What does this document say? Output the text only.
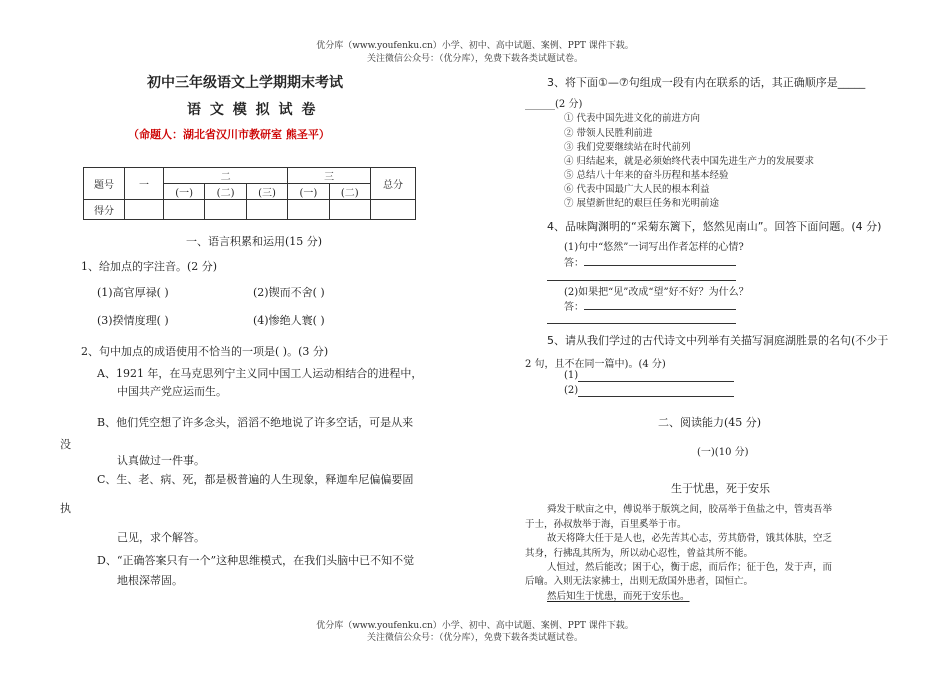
优分库（www.youfenku.cn）小学、初中、高中试题、案例、PPT 课件下载。
关注微信公众号：（优分库），免费下载各类试题试卷。
初中三年级语文上学期期末考试
语 文 模 拟 试 卷
（命题人：湖北省汉川市教研室 熊圣平）
题号	一	二			三		总分
		(一)	(二)	(三)	(一)	(二)	
得分							
一、语言积累和运用(15 分)
1、给加点的字注音。(2 分)
(1)高官厚禄( )	(2)锲而不舍( )
(3)揆情度理( )	(4)惨绝人寰( )
2、句中加点的成语使用不恰当的一项是( )。(3 分)
A、1921 年，在马克思列宁主义同中国工人运动相结合的进程中，
中国共产党应运而生。
B、他们凭空想了许多念头，滔滔不绝地说了许多空话，可是从来
没
认真做过一件事。
C、生、老、病、死，都是极普遍的人生现象，释迦牟尼偏偏要固
执
己见，求个解答。
D、“正确答案只有一个”这种思维模式，在我们头脑中已不知不觉
地根深蒂固。
3、将下面①—⑦句组成一段有内在联系的话，其正确顺序是_____
______(2 分)
① 代表中国先进文化的前进方向
② 带领人民胜利前进
③ 我们党要继续站在时代前列
④ 归结起来，就是必须始终代表中国先进生产力的发展要求
⑤ 总结八十年来的奋斗历程和基本经验
⑥ 代表中国最广大人民的根本利益
⑦ 展望新世纪的艰巨任务和光明前途
4、品味陶渊明的“采菊东篱下，悠然见南山”。回答下面问题。(4 分)
(1)句中“悠然”一词写出作者怎样的心情?
答：
(2)如果把“见”改成“望”好不好？为什么？
答：
5、请从我们学过的古代诗文中列举有关描写洞庭湖胜景的名句(不少于
2 句，且不在同一篇中)。(4 分)
(1)
(2)
二、阅读能力(45 分)
(一)(10 分)
生于忧患，死于安乐
舜发于畎亩之中，傅说举于版筑之间，胶鬲举于鱼盐之中，管夷吾举
于士，孙叔敖举于海，百里奚举于市。
故天将降大任于是人也，必先苦其心志，劳其筋骨，饿其体肤，空乏
其身，行拂乱其所为，所以动心忍性，曾益其所不能。
人恒过，然后能改；困于心，衡于虑，而后作；征于色，发于声，而
后喻。入则无法家拂士，出则无敌国外患者，国恒亡。
然后知生于忧患，而死于安乐也。
优分库（www.youfenku.cn）小学、初中、高中试题、案例、PPT 课件下载。
关注微信公众号：（优分库），免费下载各类试题试卷。
